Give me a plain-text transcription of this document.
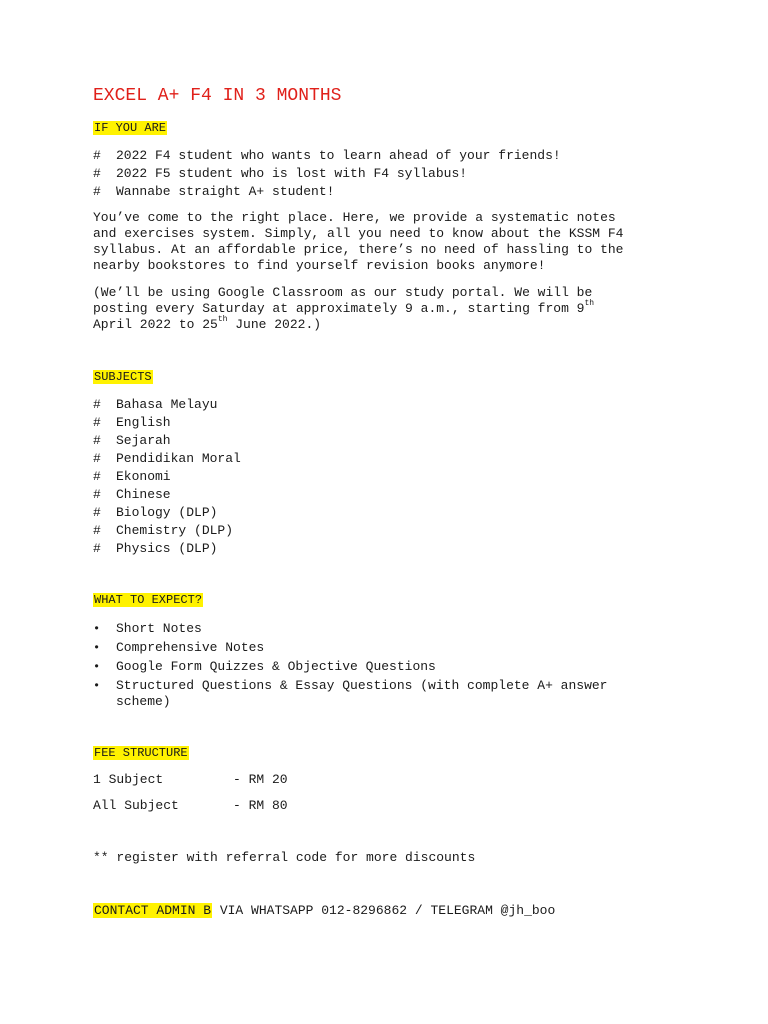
EXCEL A+ F4 IN 3 MONTHS
IF YOU ARE
# 2022 F4 student who wants to learn ahead of your friends!
# 2022 F5 student who is lost with F4 syllabus!
# Wannabe straight A+ student!
You’ve come to the right place. Here, we provide a systematic notes
and exercises system. Simply, all you need to know about the KSSM F4
syllabus. At an affordable price, there’s no need of hassling to the
nearby bookstores to find yourself revision books anymore!
(We’ll be using Google Classroom as our study portal. We will be
posting every Saturday at approximately 9 a.m., starting from 9th
April 2022 to 25th June 2022.)
SUBJECTS
# Bahasa Melayu
# English
# Sejarah
# Pendidikan Moral
# Ekonomi
# Chinese
# Biology (DLP)
# Chemistry (DLP)
# Physics (DLP)
WHAT TO EXPECT?
• Short Notes
• Comprehensive Notes
• Google Form Quizzes & Objective Questions
• Structured Questions & Essay Questions (with complete A+ answer
scheme)
FEE STRUCTURE
1 Subject	- RM 20
All Subject	- RM 80
** register with referral code for more discounts
CONTACT ADMIN B VIA WHATSAPP 012-8296862 / TELEGRAM @jh_boo
